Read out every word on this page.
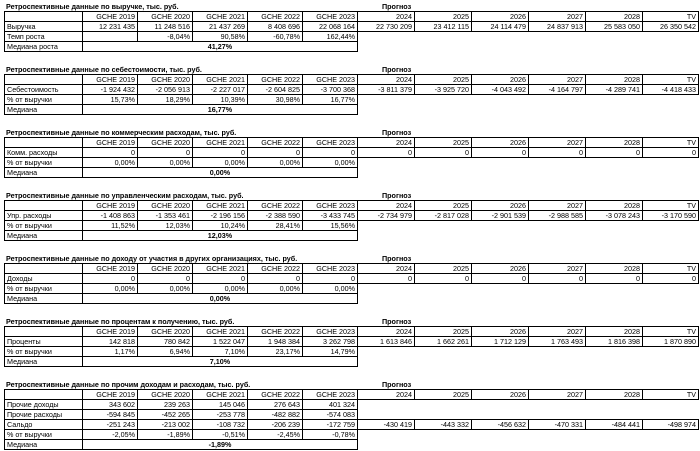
Ретроспективные данные по выручке, тыс. руб.	Прогноз
	GCHE 2019	GCHE 2020	GCHE 2021	GCHE 2022	GCHE 2023	2024	2025	2026	2027	2028	TV
Выручка	12 231 435	11 248 516	21 437 269	8 408 696	22 068 164	22 730 209	23 412 115	24 114 479	24 837 913	25 583 050	26 350 542
Темп роста		-8,04%	90,58%	-60,78%	162,44%						
Медиана роста	41,27%										
Ретроспективные данные по себестоимости, тыс. руб.	Прогноз
	GCHE 2019	GCHE 2020	GCHE 2021	GCHE 2022	GCHE 2023	2024	2025	2026	2027	2028	TV
Себестоимость	-1 924 432	-2 056 913	-2 227 017	-2 604 825	-3 700 368	-3 811 379	-3 925 720	-4 043 492	-4 164 797	-4 289 741	-4 418 433
% от выручки	15,73%	18,29%	10,39%	30,98%	16,77%						
Медиана	16,77%										
Ретроспективные данные по коммерческим расходам, тыс. руб.	Прогноз
	GCHE 2019	GCHE 2020	GCHE 2021	GCHE 2022	GCHE 2023	2024	2025	2026	2027	2028	TV
Комм. расходы	0	0	0	0	0	0	0	0	0	0	0
% от выручки	0,00%	0,00%	0,00%	0,00%	0,00%						
Медиана	0,00%										
Ретроспективные данные по управленческим расходам, тыс. руб.	Прогноз
	GCHE 2019	GCHE 2020	GCHE 2021	GCHE 2022	GCHE 2023	2024	2025	2026	2027	2028	TV
Упр. расходы	-1 408 863	-1 353 461	-2 196 156	-2 388 590	-3 433 745	-2 734 979	-2 817 028	-2 901 539	-2 988 585	-3 078 243	-3 170 590
% от выручки	11,52%	12,03%	10,24%	28,41%	15,56%						
Медиана	12,03%										
Ретроспективные данные по доходу от участия в других организациях, тыс. руб.	Прогноз
	GCHE 2019	GCHE 2020	GCHE 2021	GCHE 2022	GCHE 2023	2024	2025	2026	2027	2028	TV
Доходы	0	0	0	0	0	0	0	0	0	0	0
% от выручки	0,00%	0,00%	0,00%	0,00%	0,00%						
Медиана	0,00%										
Ретроспективные данные по процентам к получению, тыс. руб.	Прогноз
	GCHE 2019	GCHE 2020	GCHE 2021	GCHE 2022	GCHE 2023	2024	2025	2026	2027	2028	TV
Проценты	142 818	780 842	1 522 047	1 948 384	3 262 798	1 613 846	1 662 261	1 712 129	1 763 493	1 816 398	1 870 890
% от выручки	1,17%	6,94%	7,10%	23,17%	14,79%						
Медиана	7,10%										
Ретроспективные данные по прочим доходам и расходам, тыс. руб.	Прогноз
	GCHE 2019	GCHE 2020	GCHE 2021	GCHE 2022	GCHE 2023	2024	2025	2026	2027	2028	TV
Прочие доходы	343 602	239 263	145 046	276 643	401 324						
Прочие расходы	-594 845	-452 265	-253 778	-482 882	-574 083						
Сальдо	-251 243	-213 002	-108 732	-206 239	-172 759	-430 419	-443 332	-456 632	-470 331	-484 441	-498 974
% от выручки	-2,05%	-1,89%	-0,51%	-2,45%	-0,78%						
Медиана	-1,89%										
